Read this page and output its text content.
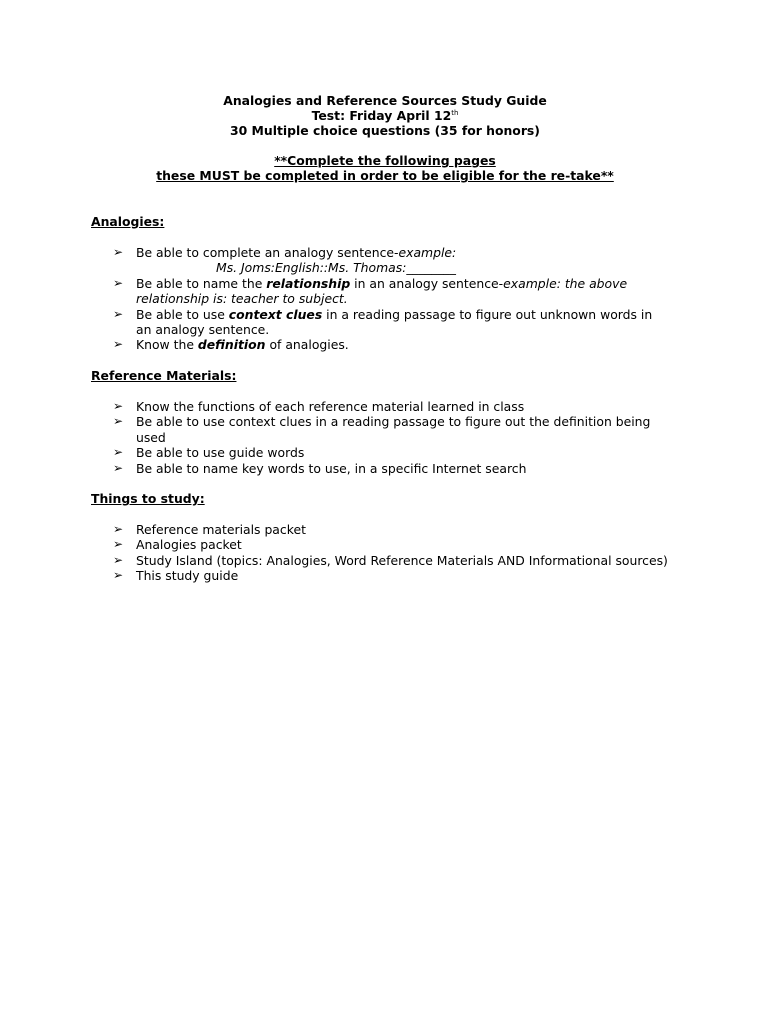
Analogies and Reference Sources Study Guide
Test: Friday April 12th
30 Multiple choice questions (35 for honors)
**Complete the following pages
these MUST be completed in order to be eligible for the re-take**
Analogies:
➢ Be able to complete an analogy sentence-example:
Ms. Joms:English::Ms. Thomas:________
➢ Be able to name the relationship in an analogy sentence-example: the above
relationship is: teacher to subject.
➢ Be able to use context clues in a reading passage to figure out unknown words in
an analogy sentence.
➢ Know the definition of analogies.
Reference Materials:
➢ Know the functions of each reference material learned in class
➢ Be able to use context clues in a reading passage to figure out the definition being used
➢ Be able to use guide words
➢ Be able to name key words to use, in a specific Internet search
Things to study:
➢ Reference materials packet
➢ Analogies packet
➢ Study Island (topics: Analogies, Word Reference Materials AND Informational sources)
➢ This study guide
